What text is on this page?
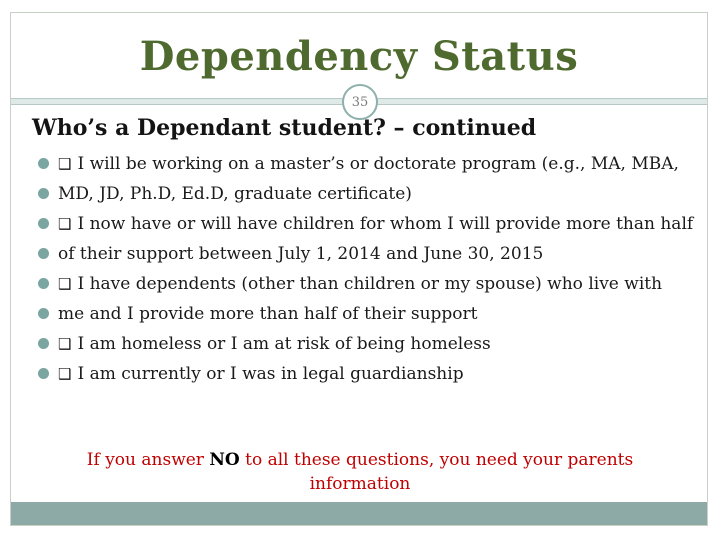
Dependency Status
35
Who’s a Dependant student? – continued
❑ I will be working on a master’s or doctorate program (e.g., MA, MBA,
MD, JD, Ph.D, Ed.D, graduate certificate)
❑ I now have or will have children for whom I will provide more than half
of their support between July 1, 2014 and June 30, 2015
❑ I have dependents (other than children or my spouse) who live with
me and I provide more than half of their support
❑ I am homeless or I am at risk of being homeless
❑ I am currently or I was in legal guardianship
If you answer NO to all these questions, you need your parents information
